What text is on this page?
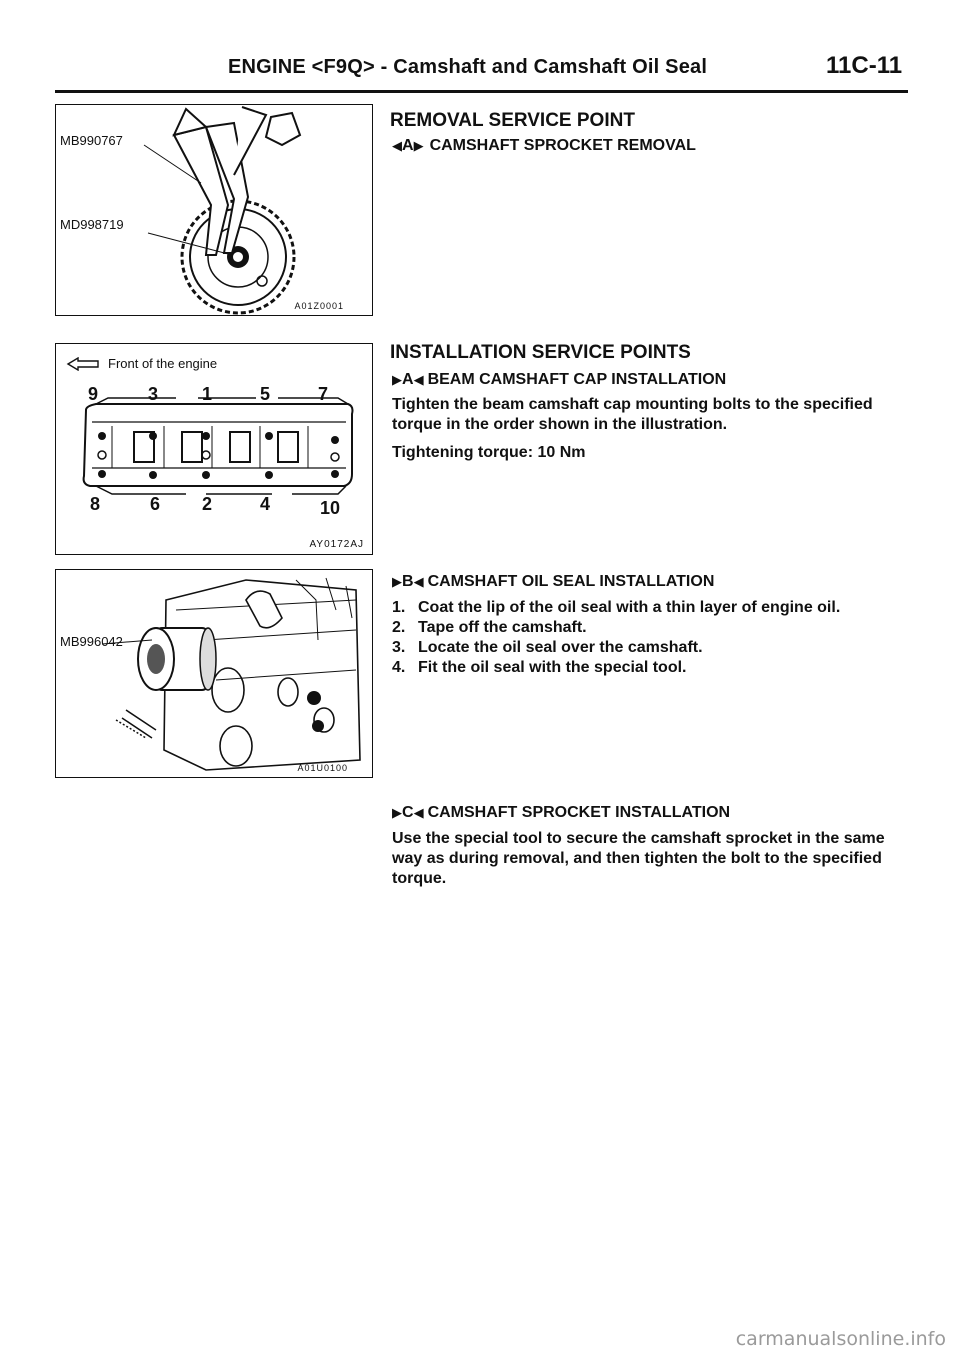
ENGINE <F9Q> - Camshaft and Camshaft Oil Seal	11C-11
MB990767
MD998719
A01Z0001
Front of the engine
9	3 1	5	7
8	6 2	4	10
AY0172AJ
MB996042
A01U0100
REMOVAL SERVICE POINT
◀ A ▶ CAMSHAFT SPROCKET REMOVAL
INSTALLATION SERVICE POINTS
▶ A ◀ BEAM CAMSHAFT CAP INSTALLATION
Tighten the beam camshaft cap mounting bolts to the specified torque in the order shown in the illustration.
Tightening torque: 10 Nm
▶ B ◀ CAMSHAFT OIL SEAL INSTALLATION
1. Coat the lip of the oil seal with a thin layer of engine oil.
2. Tape off the camshaft.
3. Locate the oil seal over the camshaft.
4. Fit the oil seal with the special tool.
▶ C ◀ CAMSHAFT SPROCKET INSTALLATION
Use the special tool to secure the camshaft sprocket in the same way as during removal, and then tighten the bolt to the specified torque.
carmanualsonline.info
